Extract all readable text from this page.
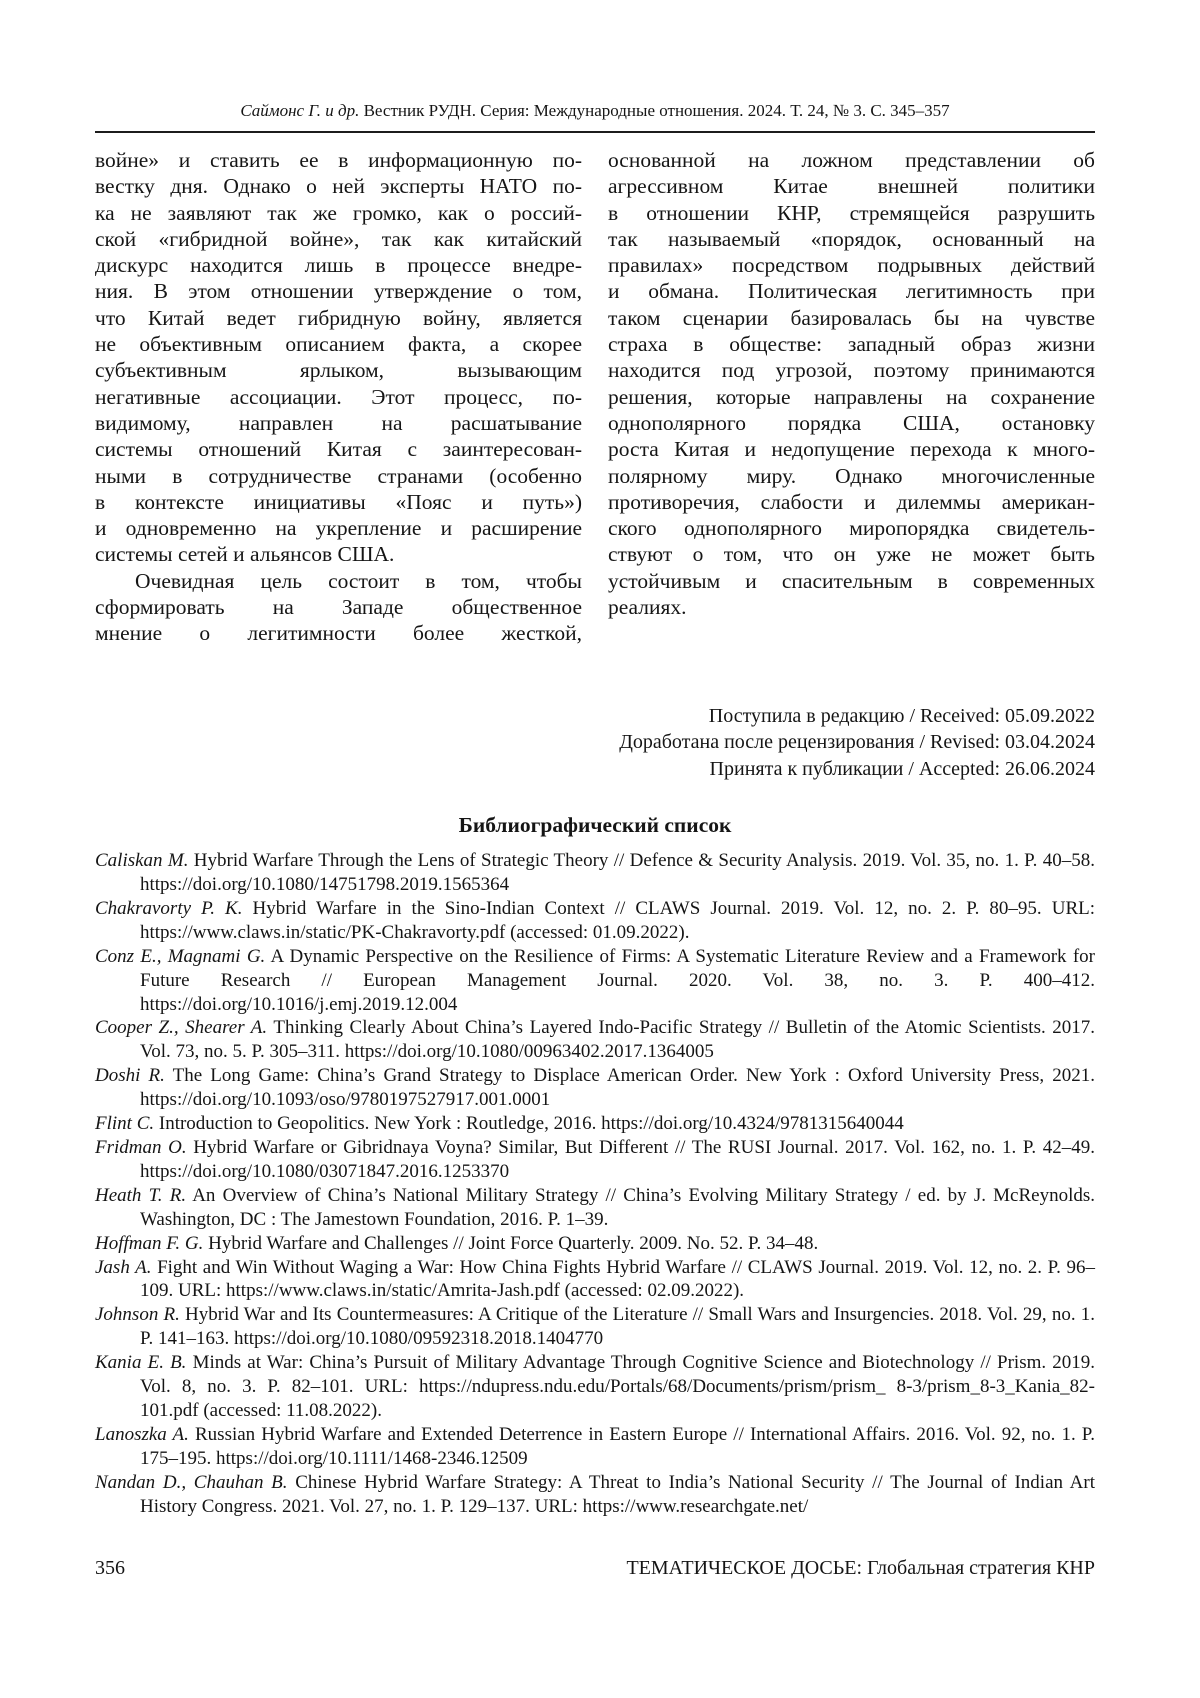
Саймонс Г. и др. Вестник РУДН. Серия: Международные отношения. 2024. Т. 24, № 3. С. 345–357
войне» и ставить ее в информационную по-
вестку дня. Однако о ней эксперты НАТО по-
ка не заявляют так же громко, как о россий-
ской «гибридной войне», так как китайский
дискурс находится лишь в процессе внедре-
ния. В этом отношении утверждение о том,
что Китай ведет гибридную войну, является
не объективным описанием факта, а скорее
субъективным ярлыком, вызывающим
негативные ассоциации. Этот процесс, по-
видимому, направлен на расшатывание
системы отношений Китая с заинтересован-
ными в сотрудничестве странами (особенно
в контексте инициативы «Пояс и путь»)
и одновременно на укрепление и расширение
системы сетей и альянсов США.
Очевидная цель состоит в том, чтобы
сформировать на Западе общественное
мнение о легитимности более жесткой,
основанной на ложном представлении об
агрессивном Китае внешней политики
в отношении КНР, стремящейся разрушить
так называемый «порядок, основанный на
правилах» посредством подрывных действий
и обмана. Политическая легитимность при
таком сценарии базировалась бы на чувстве
страха в обществе: западный образ жизни
находится под угрозой, поэтому принимаются
решения, которые направлены на сохранение
однополярного порядка США, остановку
роста Китая и недопущение перехода к много-
полярному миру. Однако многочисленные
противоречия, слабости и дилеммы американ-
ского однополярного миропорядка свидетель-
ствуют о том, что он уже не может быть
устойчивым и спасительным в современных
реалиях.
Поступила в редакцию / Received: 05.09.2022
Доработана после рецензирования / Revised: 03.04.2024
Принята к публикации / Accepted: 26.06.2024
Библиографический список
Caliskan M. Hybrid Warfare Through the Lens of Strategic Theory // Defence & Security Analysis. 2019. Vol. 35, no. 1. P. 40–58. https://doi.org/10.1080/14751798.2019.1565364
Chakravorty P. K. Hybrid Warfare in the Sino-Indian Context // CLAWS Journal. 2019. Vol. 12, no. 2. P. 80–95. URL: https://www.claws.in/static/PK-Chakravorty.pdf (accessed: 01.09.2022).
Conz E., Magnami G. A Dynamic Perspective on the Resilience of Firms: A Systematic Literature Review and a Framework for Future Research // European Management Journal. 2020. Vol. 38, no. 3. P. 400–412. https://doi.org/10.1016/j.emj.2019.12.004
Cooper Z., Shearer A. Thinking Clearly About China’s Layered Indo-Pacific Strategy // Bulletin of the Atomic Scientists. 2017. Vol. 73, no. 5. P. 305–311. https://doi.org/10.1080/00963402.2017.1364005
Doshi R. The Long Game: China’s Grand Strategy to Displace American Order. New York : Oxford University Press, 2021. https://doi.org/10.1093/oso/9780197527917.001.0001
Flint C. Introduction to Geopolitics. New York : Routledge, 2016. https://doi.org/10.4324/9781315640044
Fridman O. Hybrid Warfare or Gibridnaya Voyna? Similar, But Different // The RUSI Journal. 2017. Vol. 162, no. 1. P. 42–49. https://doi.org/10.1080/03071847.2016.1253370
Heath T. R. An Overview of China’s National Military Strategy // China’s Evolving Military Strategy / ed. by J. McReynolds. Washington, DC : The Jamestown Foundation, 2016. P. 1–39.
Hoffman F. G. Hybrid Warfare and Challenges // Joint Force Quarterly. 2009. No. 52. P. 34–48.
Jash A. Fight and Win Without Waging a War: How China Fights Hybrid Warfare // CLAWS Journal. 2019. Vol. 12, no. 2. P. 96–109. URL: https://www.claws.in/static/Amrita-Jash.pdf (accessed: 02.09.2022).
Johnson R. Hybrid War and Its Countermeasures: A Critique of the Literature // Small Wars and Insurgencies. 2018. Vol. 29, no. 1. P. 141–163. https://doi.org/10.1080/09592318.2018.1404770
Kania E. B. Minds at War: China’s Pursuit of Military Advantage Through Cognitive Science and Biotechnology // Prism. 2019. Vol. 8, no. 3. P. 82–101. URL: https://ndupress.ndu.edu/Portals/68/Documents/prism/prism_ 8-3/prism_8-3_Kania_82-101.pdf (accessed: 11.08.2022).
Lanoszka A. Russian Hybrid Warfare and Extended Deterrence in Eastern Europe // International Affairs. 2016. Vol. 92, no. 1. P. 175–195. https://doi.org/10.1111/1468-2346.12509
Nandan D., Chauhan B. Chinese Hybrid Warfare Strategy: A Threat to India’s National Security // The Journal of Indian Art History Congress. 2021. Vol. 27, no. 1. P. 129–137. URL: https://www.researchgate.net/
356	ТЕМАТИЧЕСКОЕ ДОСЬЕ: Глобальная стратегия КНР
